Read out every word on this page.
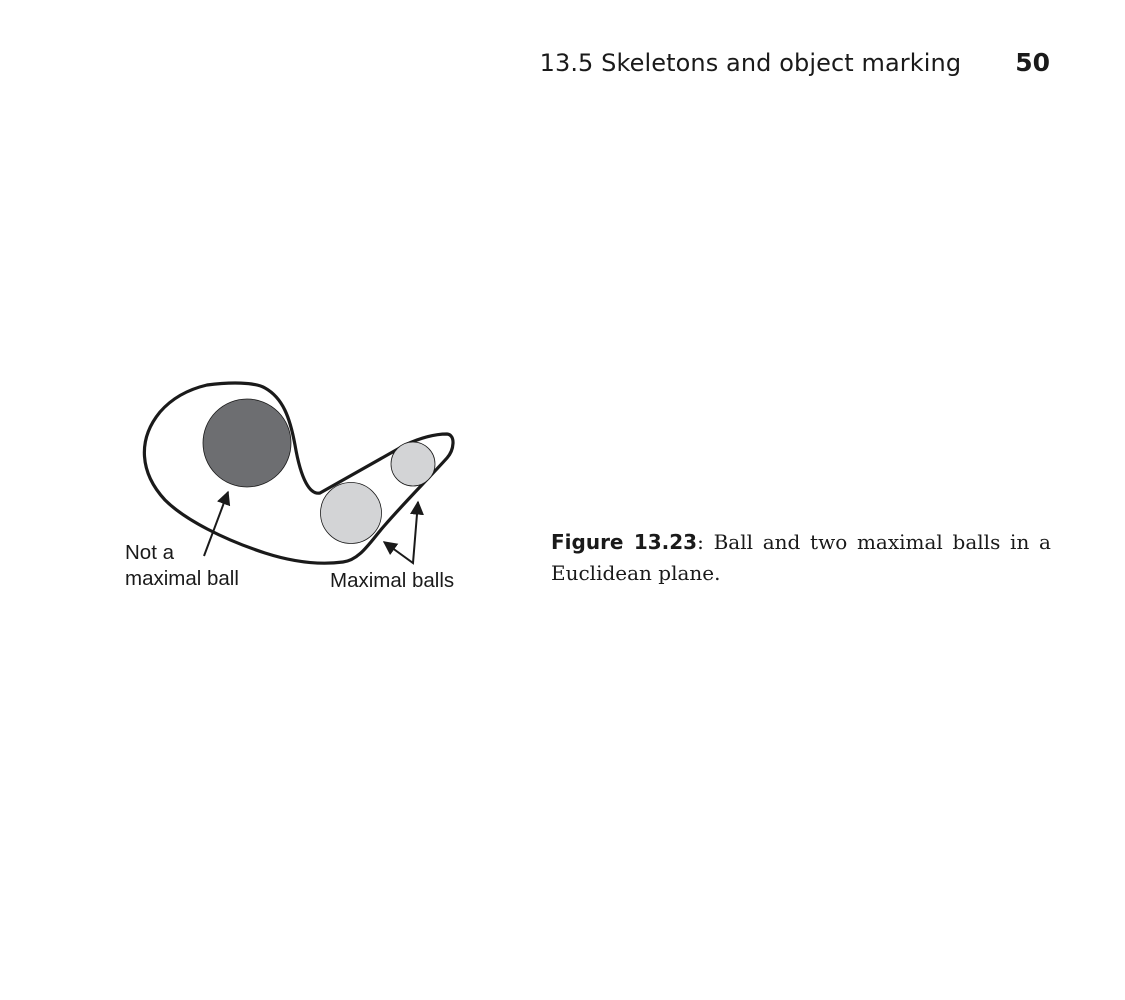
13.5 Skeletons and object marking 50
Not a
maximal ball	Maximal balls
Figure 13.23: Ball and two maximal balls in a Euclidean plane.
